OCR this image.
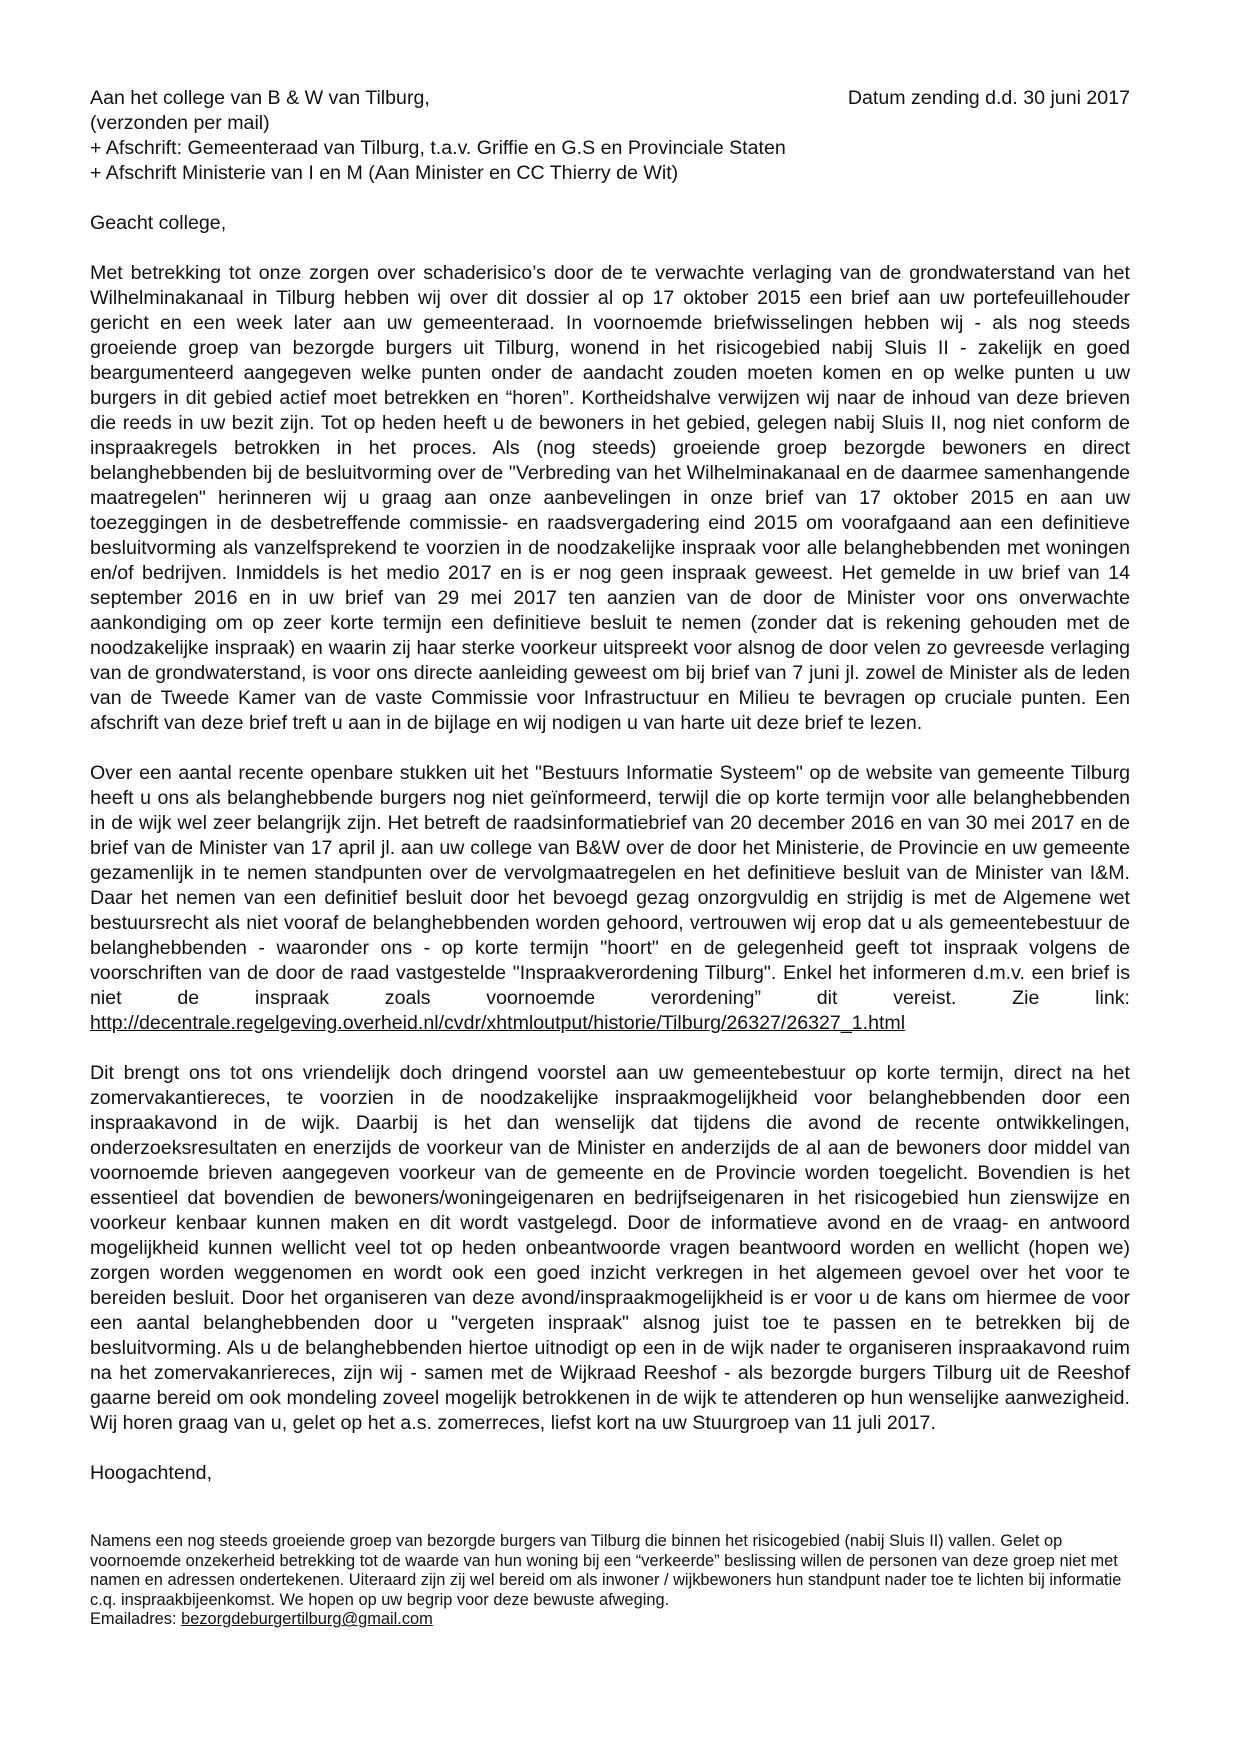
Aan het college van B & W van Tilburg,	Datum zending d.d. 30 juni 2017
(verzonden per mail)
+ Afschrift: Gemeenteraad van Tilburg, t.a.v. Griffie en G.S en Provinciale Staten
+ Afschrift Ministerie van I en M (Aan Minister en CC Thierry de Wit)
Geacht college,
Met betrekking tot onze zorgen over schaderisico’s door de te verwachte verlaging van de grondwaterstand van het Wilhelminakanaal in Tilburg hebben wij over dit dossier al op 17 oktober 2015 een brief aan uw portefeuillehouder gericht en een week later aan uw gemeenteraad. In voornoemde briefwisselingen hebben wij - als nog steeds groeiende groep van bezorgde burgers uit Tilburg, wonend in het risicogebied nabij Sluis II - zakelijk en goed beargumenteerd aangegeven welke punten onder de aandacht zouden moeten komen en op welke punten u uw burgers in dit gebied actief moet betrekken en “horen”. Kortheidshalve verwijzen wij naar de inhoud van deze brieven die reeds in uw bezit zijn. Tot op heden heeft u de bewoners in het gebied, gelegen nabij Sluis II, nog niet conform de inspraakregels betrokken in het proces. Als (nog steeds) groeiende groep bezorgde bewoners en direct belanghebbenden bij de besluitvorming over de "Verbreding van het Wilhelminakanaal en de daarmee samenhangende maatregelen" herinneren wij u graag aan onze aanbevelingen in onze brief van 17 oktober 2015 en aan uw toezeggingen in de desbetreffende commissie- en raadsvergadering eind 2015 om voorafgaand aan een definitieve besluitvorming als vanzelfsprekend te voorzien in de noodzakelijke inspraak voor alle belanghebbenden met woningen en/of bedrijven. Inmiddels is het medio 2017 en is er nog geen inspraak geweest. Het gemelde in uw brief van 14 september 2016 en in uw brief van 29 mei 2017 ten aanzien van de door de Minister voor ons onverwachte aankondiging om op zeer korte termijn een definitieve besluit te nemen (zonder dat is rekening gehouden met de noodzakelijke inspraak) en waarin zij haar sterke voorkeur uitspreekt voor alsnog de door velen zo gevreesde verlaging van de grondwaterstand, is voor ons directe aanleiding geweest om bij brief van 7 juni jl. zowel de Minister als de leden van de Tweede Kamer van de vaste Commissie voor Infrastructuur en Milieu te bevragen op cruciale punten. Een afschrift van deze brief treft u aan in de bijlage en wij nodigen u van harte uit deze brief te lezen.
Over een aantal recente openbare stukken uit het "Bestuurs Informatie Systeem" op de website van gemeente Tilburg heeft u ons als belanghebbende burgers nog niet geïnformeerd, terwijl die op korte termijn voor alle belanghebbenden in de wijk wel zeer belangrijk zijn. Het betreft de raadsinformatiebrief van 20 december 2016 en van 30 mei 2017 en de brief van de Minister van 17 april jl. aan uw college van B&W over de door het Ministerie, de Provincie en uw gemeente gezamenlijk in te nemen standpunten over de vervolgmaatregelen en het definitieve besluit van de Minister van I&M. Daar het nemen van een definitief besluit door het bevoegd gezag onzorgvuldig en strijdig is met de Algemene wet bestuursrecht als niet vooraf de belanghebbenden worden gehoord, vertrouwen wij erop dat u als gemeentebestuur de belanghebbenden - waaronder ons - op korte termijn "hoort" en de gelegenheid geeft tot inspraak volgens de voorschriften van de door de raad vastgestelde "Inspraakverordening Tilburg". Enkel het informeren d.m.v. een brief is niet de inspraak zoals voornoemde verordening” dit vereist. Zie link: http://decentrale.regelgeving.overheid.nl/cvdr/xhtmloutput/historie/Tilburg/26327/26327_1.html
Dit brengt ons tot ons vriendelijk doch dringend voorstel aan uw gemeentebestuur op korte termijn, direct na het zomervakantiereces, te voorzien in de noodzakelijke inspraakmogelijkheid voor belanghebbenden door een inspraakavond in de wijk. Daarbij is het dan wenselijk dat tijdens die avond de recente ontwikkelingen, onderzoeksresultaten en enerzijds de voorkeur van de Minister en anderzijds de al aan de bewoners door middel van voornoemde brieven aangegeven voorkeur van de gemeente en de Provincie worden toegelicht. Bovendien is het essentieel dat bovendien de bewoners/woningeigenaren en bedrijfseigenaren in het risicogebied hun zienswijze en voorkeur kenbaar kunnen maken en dit wordt vastgelegd. Door de informatieve avond en de vraag- en antwoord mogelijkheid kunnen wellicht veel tot op heden onbeantwoorde vragen beantwoord worden en wellicht (hopen we) zorgen worden weggenomen en wordt ook een goed inzicht verkregen in het algemeen gevoel over het voor te bereiden besluit. Door het organiseren van deze avond/inspraakmogelijkheid is er voor u de kans om hiermee de voor een aantal belanghebbenden door u "vergeten inspraak" alsnog juist toe te passen en te betrekken bij de besluitvorming. Als u de belanghebbenden hiertoe uitnodigt op een in de wijk nader te organiseren inspraakavond ruim na het zomervakanriereces, zijn wij - samen met de Wijkraad Reeshof - als bezorgde burgers Tilburg uit de Reeshof gaarne bereid om ook mondeling zoveel mogelijk betrokkenen in de wijk te attenderen op hun wenselijke aanwezigheid. Wij horen graag van u, gelet op het a.s. zomerreces, liefst kort na uw Stuurgroep van 11 juli 2017.
Hoogachtend,
Namens een nog steeds groeiende groep van bezorgde burgers van Tilburg die binnen het risicogebied (nabij Sluis II) vallen. Gelet op voornoemde onzekerheid betrekking tot de waarde van hun woning bij een “verkeerde” beslissing willen de personen van deze groep niet met namen en adressen ondertekenen. Uiteraard zijn zij wel bereid om als inwoner / wijkbewoners hun standpunt nader toe te lichten bij informatie c.q. inspraakbijeenkomst. We hopen op uw begrip voor deze bewuste afweging.
Emailadres: bezorgdeburgertilburg@gmail.com
